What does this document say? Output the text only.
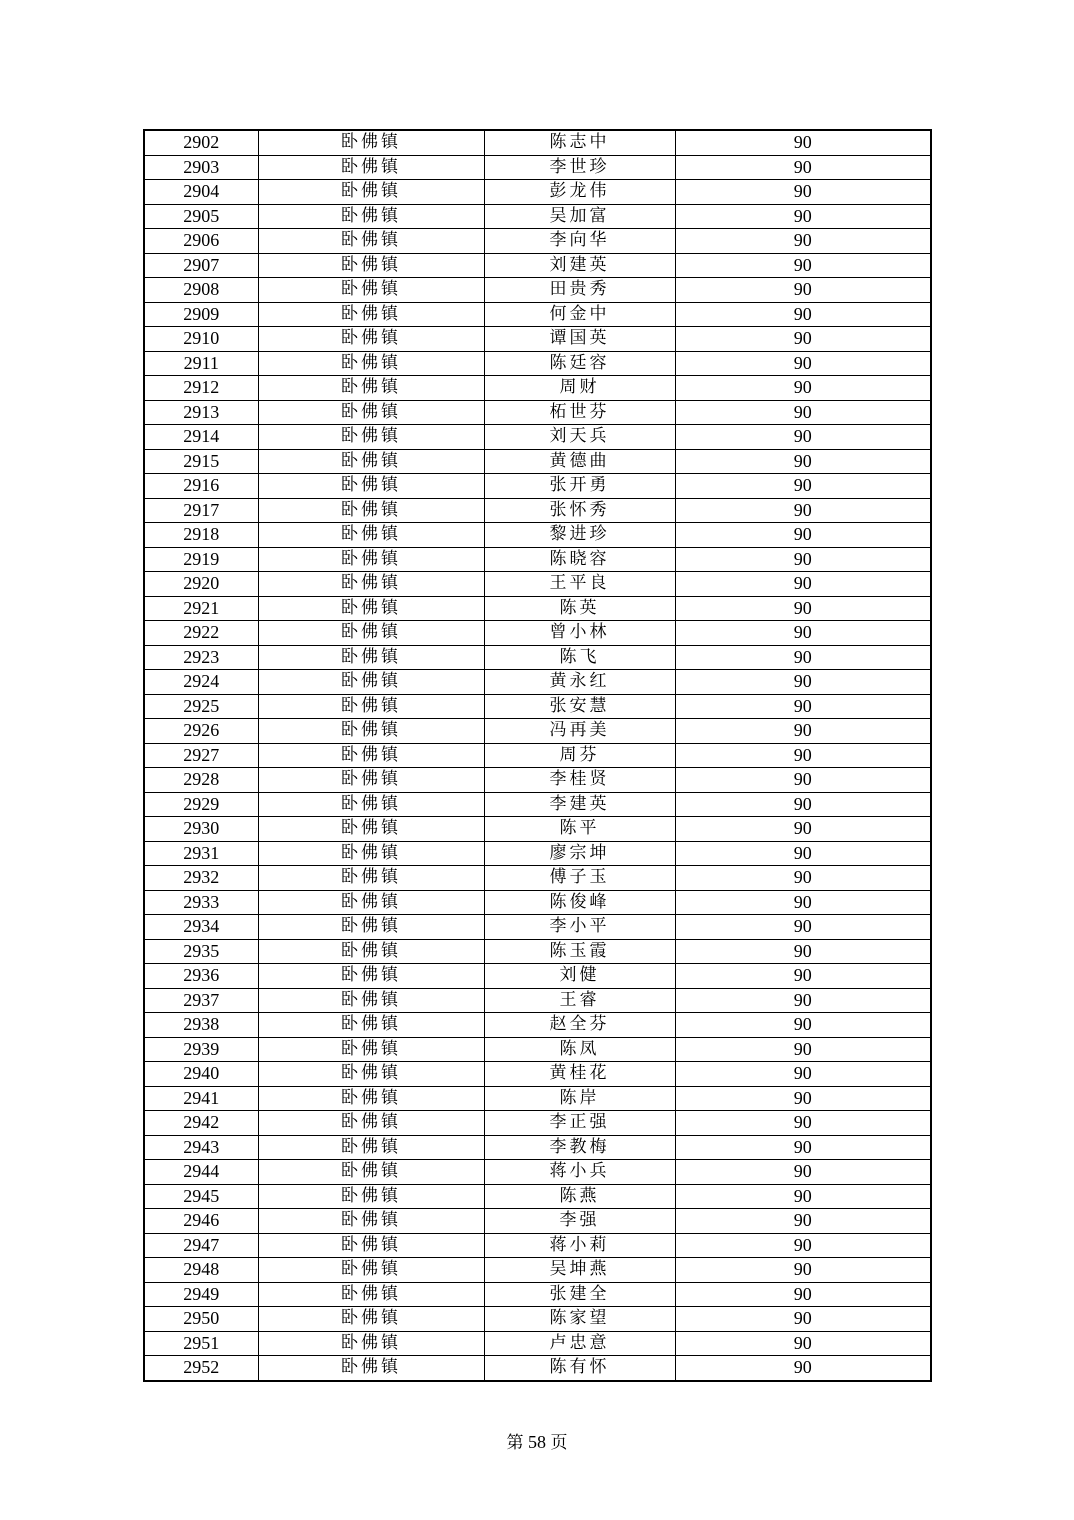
2902	卧佛镇	陈志中	90
2903	卧佛镇	李世珍	90
2904	卧佛镇	彭龙伟	90
2905	卧佛镇	吴加富	90
2906	卧佛镇	李向华	90
2907	卧佛镇	刘建英	90
2908	卧佛镇	田贵秀	90
2909	卧佛镇	何金中	90
2910	卧佛镇	谭国英	90
2911	卧佛镇	陈廷容	90
2912	卧佛镇	周财	90
2913	卧佛镇	柘世芬	90
2914	卧佛镇	刘天兵	90
2915	卧佛镇	黄德曲	90
2916	卧佛镇	张开勇	90
2917	卧佛镇	张怀秀	90
2918	卧佛镇	黎进珍	90
2919	卧佛镇	陈晓容	90
2920	卧佛镇	王平良	90
2921	卧佛镇	陈英	90
2922	卧佛镇	曾小林	90
2923	卧佛镇	陈飞	90
2924	卧佛镇	黄永红	90
2925	卧佛镇	张安慧	90
2926	卧佛镇	冯再美	90
2927	卧佛镇	周芬	90
2928	卧佛镇	李桂贤	90
2929	卧佛镇	李建英	90
2930	卧佛镇	陈平	90
2931	卧佛镇	廖宗坤	90
2932	卧佛镇	傅子玉	90
2933	卧佛镇	陈俊峰	90
2934	卧佛镇	李小平	90
2935	卧佛镇	陈玉霞	90
2936	卧佛镇	刘健	90
2937	卧佛镇	王睿	90
2938	卧佛镇	赵全芬	90
2939	卧佛镇	陈凤	90
2940	卧佛镇	黄桂花	90
2941	卧佛镇	陈岸	90
2942	卧佛镇	李正强	90
2943	卧佛镇	李教梅	90
2944	卧佛镇	蒋小兵	90
2945	卧佛镇	陈燕	90
2946	卧佛镇	李强	90
2947	卧佛镇	蒋小莉	90
2948	卧佛镇	吴坤燕	90
2949	卧佛镇	张建全	90
2950	卧佛镇	陈家望	90
2951	卧佛镇	卢忠意	90
2952	卧佛镇	陈有怀	90
第 58 页
